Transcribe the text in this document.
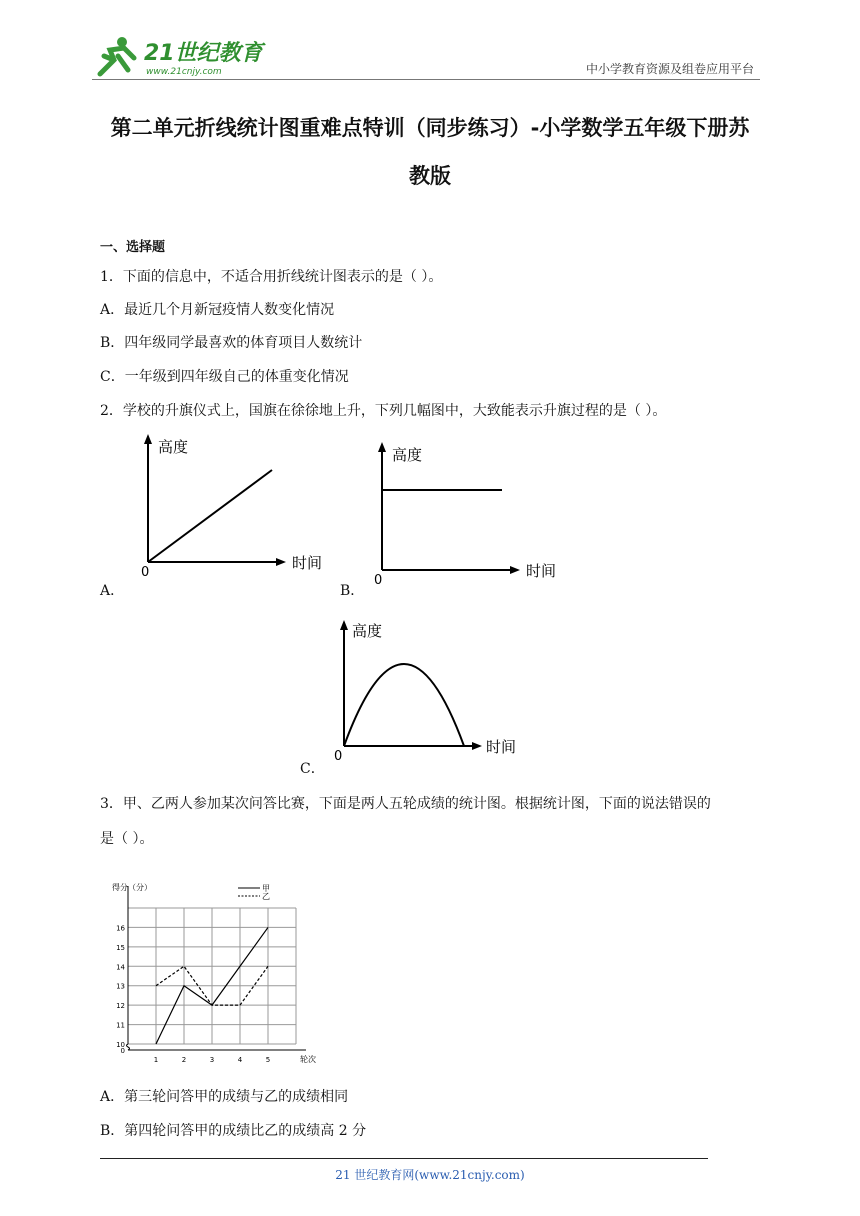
21世纪教育
www.21cnjy.com	中小学教育资源及组卷应用平台
第二单元折线统计图重难点特训（同步练习）-小学数学五年级下册苏
教版
一、选择题
1．下面的信息中，不适合用折线统计图表示的是（ ）。
A．最近几个月新冠疫情人数变化情况
B．四年级同学最喜欢的体育项目人数统计
C．一年级到四年级自己的体重变化情况
2．学校的升旗仪式上，国旗在徐徐地上升，下列几幅图中，大致能表示升旗过程的是（ ）。
高度
时间
0
A．
高度
时间
0
B．
高度
时间
0
C．
3．甲、乙两人参加某次问答比赛，下面是两人五轮成绩的统计图。根据统计图，下面的说法错误的
是（ ）。
0
10
11
12
13
14
15
16
1	2	3	4	5
得分（分）
轮次
甲
乙
A．第三轮问答甲的成绩与乙的成绩相同
B．第四轮问答甲的成绩比乙的成绩高 2 分
21 世纪教育网(www.21cnjy.com)
